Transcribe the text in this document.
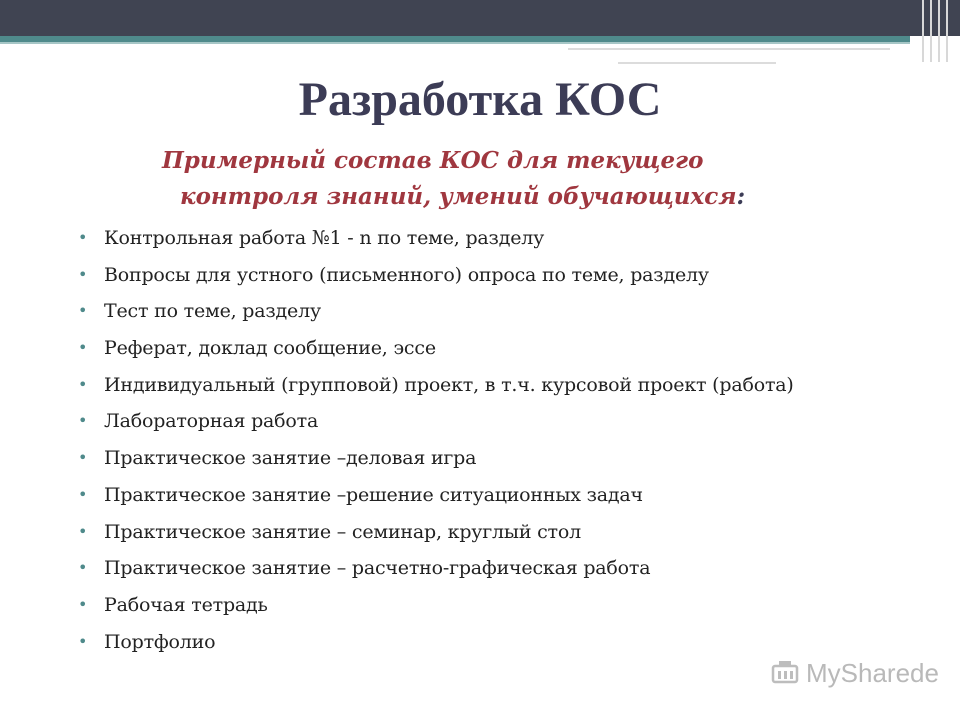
Разработка КОС
Примерный состав КОС для текущего
контроля знаний, умений обучающихся:
• Контрольная работа №1 - n по теме, разделу
• Вопросы для устного (письменного) опроса по теме, разделу
• Тест по теме, разделу
• Реферат, доклад сообщение, эссе
• Индивидуальный (групповой) проект, в т.ч. курсовой проект (работа)
• Лабораторная работа
• Практическое занятие –деловая игра
• Практическое занятие –решение ситуационных задач
• Практическое занятие – семинар, круглый стол
• Практическое занятие – расчетно-графическая работа
• Рабочая тетрадь
• Портфолио
MySharede
